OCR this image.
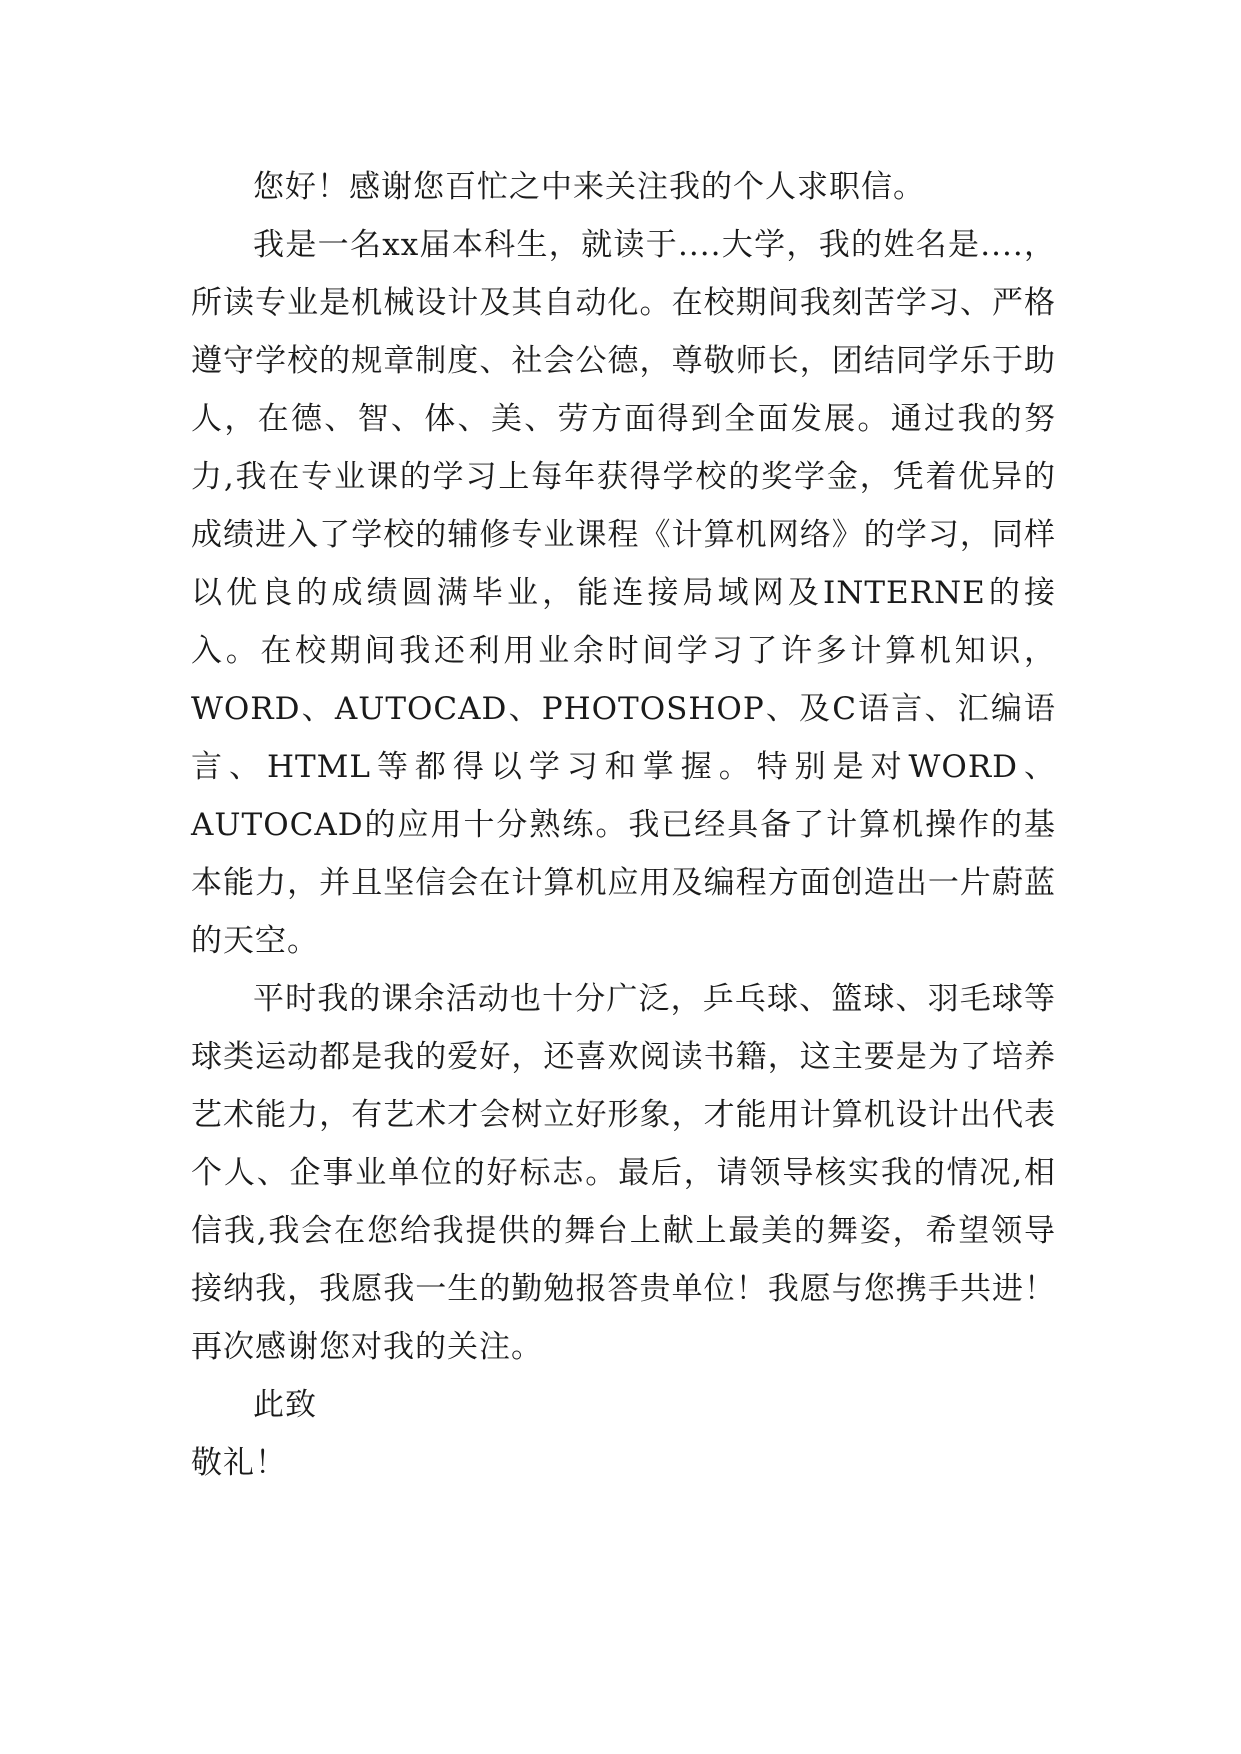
您好！感谢您百忙之中来关注我的个人求职信。

我是一名xx届本科生，就读于....大学，我的姓名是....，所读专业是机械设计及其自动化。在校期间我刻苦学习、严格遵守学校的规章制度、社会公德，尊敬师长，团结同学乐于助人，在德、智、体、美、劳方面得到全面发展。通过我的努力,我在专业课的学习上每年获得学校的奖学金，凭着优异的成绩进入了学校的辅修专业课程《计算机网络》的学习，同样以优良的成绩圆满毕业，能连接局域网及INTERNE的接入。在校期间我还利用业余时间学习了许多计算机知识，WORD、AUTOCAD、PHOTOSHOP、及C语言、汇编语言、HTML等都得以学习和掌握。特别是对WORD、AUTOCAD的应用十分熟练。我已经具备了计算机操作的基本能力，并且坚信会在计算机应用及编程方面创造出一片蔚蓝的天空。

平时我的课余活动也十分广泛，乒乓球、篮球、羽毛球等球类运动都是我的爱好，还喜欢阅读书籍，这主要是为了培养艺术能力，有艺术才会树立好形象，才能用计算机设计出代表个人、企事业单位的好标志。最后，请领导核实我的情况,相信我,我会在您给我提供的舞台上献上最美的舞姿，希望领导接纳我，我愿我一生的勤勉报答贵单位！我愿与您携手共进！再次感谢您对我的关注。

此致

敬礼！
